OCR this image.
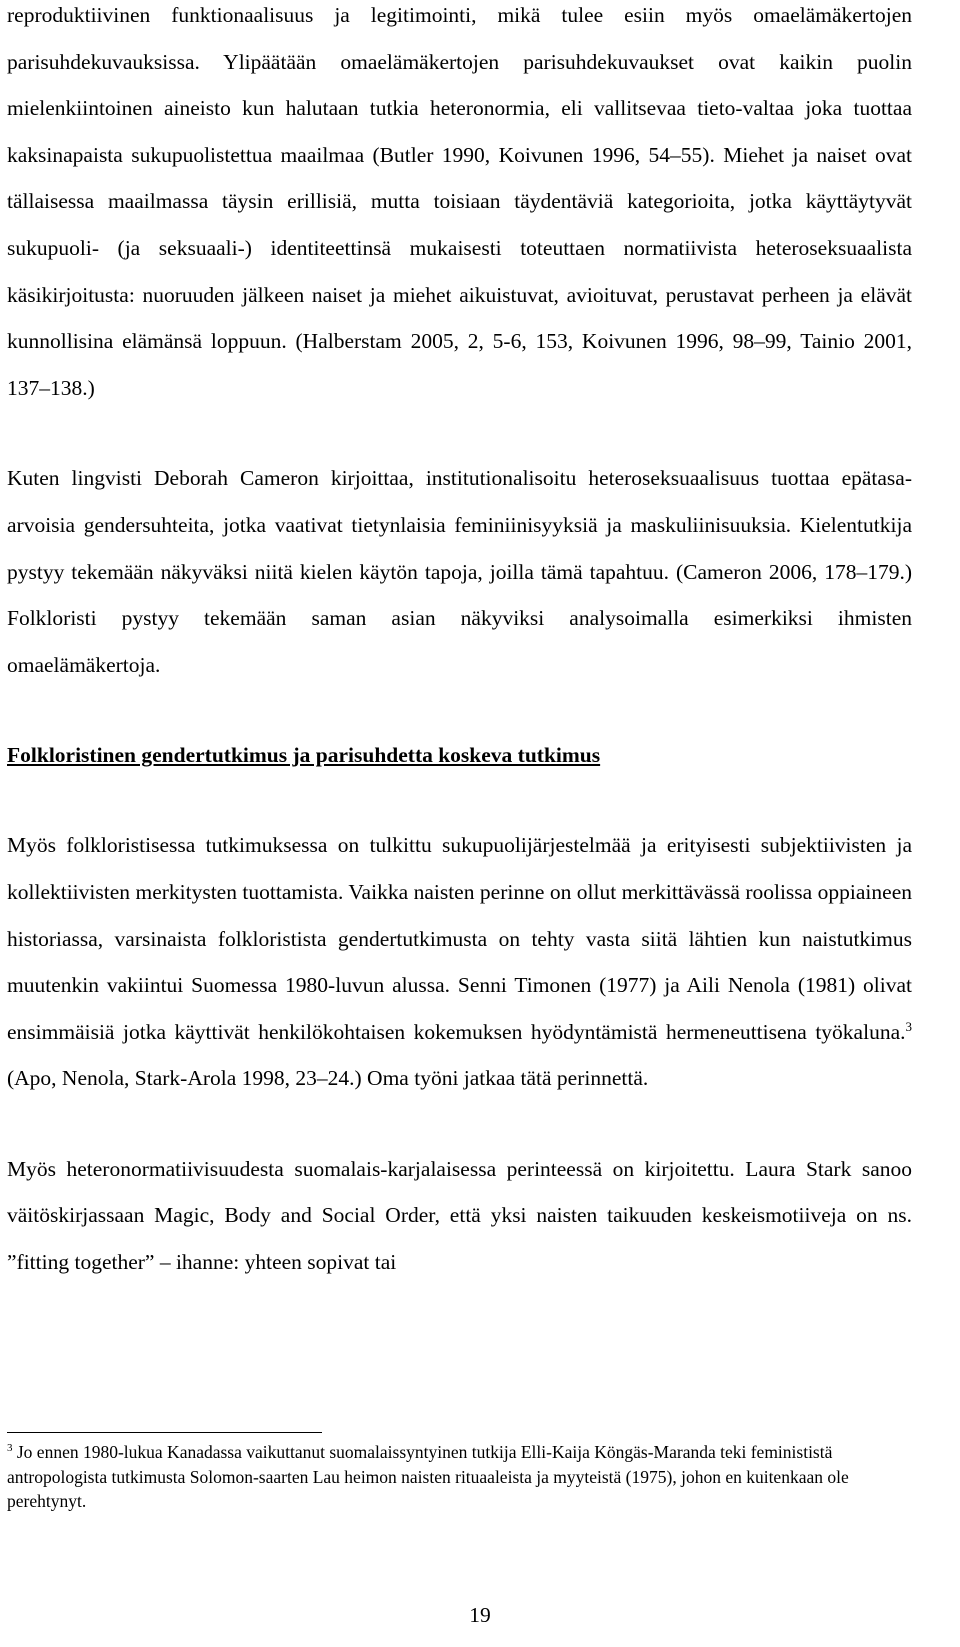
reproduktiivinen funktionaalisuus ja legitimointi, mikä tulee esiin myös omaelämäkertojen parisuhdekuvauksissa. Ylipäätään omaelämäkertojen parisuhdekuvaukset ovat kaikin puolin mielenkiintoinen aineisto kun halutaan tutkia heteronormia, eli vallitsevaa tieto-valtaa joka tuottaa kaksinapaista sukupuolistettua maailmaa (Butler 1990, Koivunen 1996, 54–55). Miehet ja naiset ovat tällaisessa maailmassa täysin erillisiä, mutta toisiaan täydentäviä kategorioita, jotka käyttäytyvät sukupuoli- (ja seksuaali-) identiteettinsä mukaisesti toteuttaen normatiivista heteroseksuaalista käsikirjoitusta: nuoruuden jälkeen naiset ja miehet aikuistuvat, avioituvat, perustavat perheen ja elävät kunnollisina elämänsä loppuun. (Halberstam 2005, 2, 5-6, 153, Koivunen 1996, 98–99, Tainio 2001, 137–138.)

Kuten lingvisti Deborah Cameron kirjoittaa, institutionalisoitu heteroseksuaalisuus tuottaa epätasa-arvoisia gendersuhteita, jotka vaativat tietynlaisia feminiinisyyksiä ja maskuliinisuuksia. Kielentutkija pystyy tekemään näkyväksi niitä kielen käytön tapoja, joilla tämä tapahtuu. (Cameron 2006, 178–179.) Folkloristi pystyy tekemään saman asian näkyviksi analysoimalla esimerkiksi ihmisten omaelämäkertoja.

Folkloristinen gendertutkimus ja parisuhdetta koskeva tutkimus

Myös folkloristisessa tutkimuksessa on tulkittu sukupuolijärjestelmää ja erityisesti subjektiivisten ja kollektiivisten merkitysten tuottamista. Vaikka naisten perinne on ollut merkittävässä roolissa oppiaineen historiassa, varsinaista folkloristista gendertutkimusta on tehty vasta siitä lähtien kun naistutkimus muutenkin vakiintui Suomessa 1980-luvun alussa. Senni Timonen (1977) ja Aili Nenola (1981) olivat ensimmäisiä jotka käyttivät henkilökohtaisen kokemuksen hyödyntämistä hermeneuttisena työkaluna.$^3$ (Apo, Nenola, Stark-Arola 1998, 23–24.) Oma työni jatkaa tätä perinnettä.

Myös heteronormatiivisuudesta suomalais-karjalaisessa perinteessä on kirjoitettu. Laura Stark sanoo väitöskirjassaan Magic, Body and Social Order, että yksi naisten taikuuden keskeismotiiveja on ns. ”fitting together” – ihanne: yhteen sopivat tai

$^3$ Jo ennen 1980-lukua Kanadassa vaikuttanut suomalaissyntyinen tutkija Elli-Kaija Köngäs-Maranda teki feminististä antropologista tutkimusta Solomon-saarten Lau heimon naisten rituaaleista ja myyteistä (1975), johon en kuitenkaan ole perehtynyt.

19
